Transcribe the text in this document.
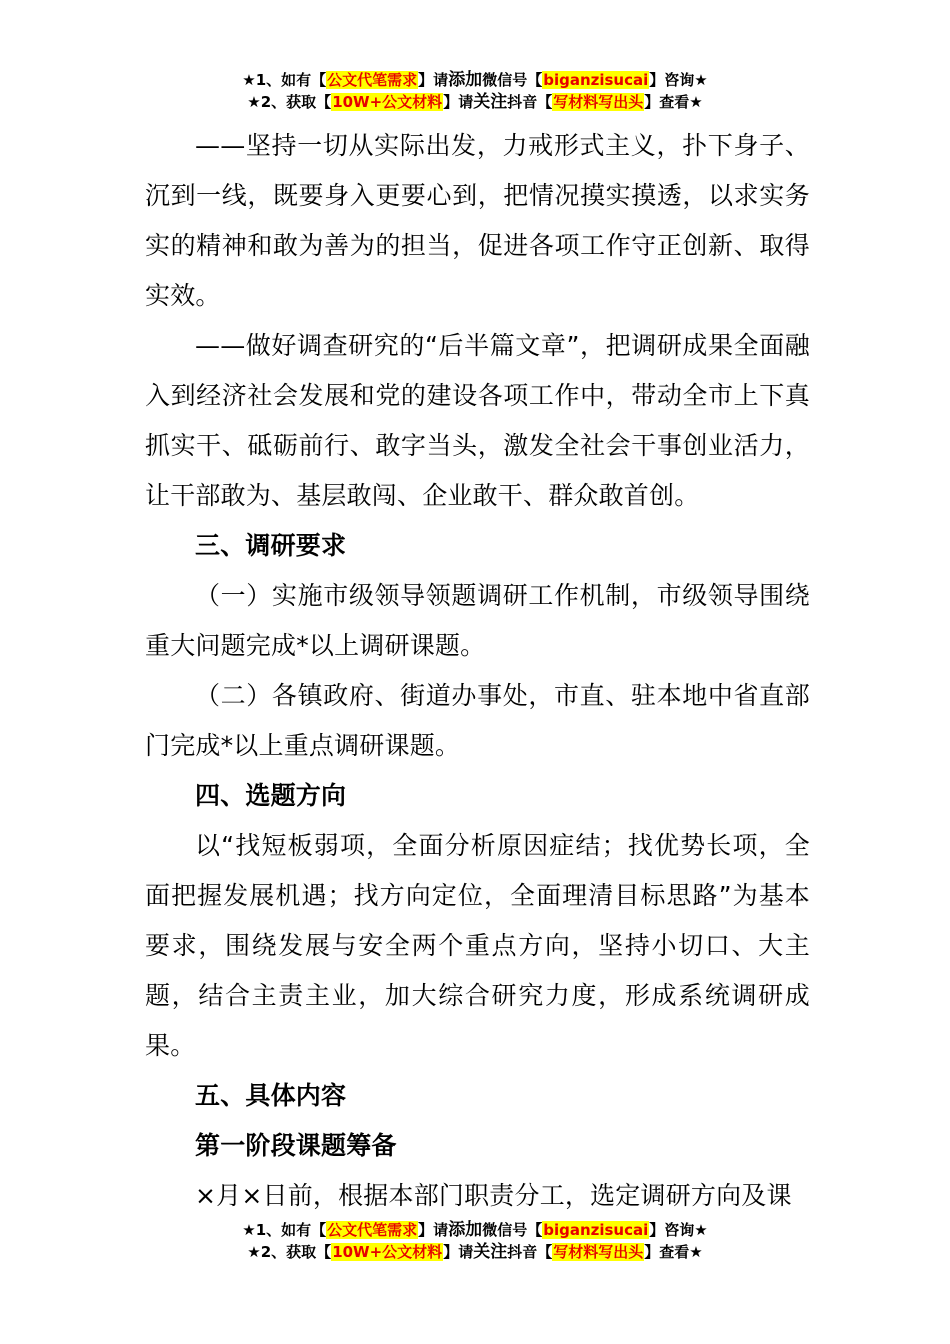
★1、如有【公文代笔需求】请添加微信号【biganzisucai】咨询★
★2、获取【10W+公文材料】请关注抖音【写材料写出头】查看★

——坚持一切从实际出发，力戒形式主义，扑下身子、沉到一线，既要身入更要心到，把情况摸实摸透，以求实务实的精神和敢为善为的担当，促进各项工作守正创新、取得实效。

——做好调查研究的“后半篇文章”，把调研成果全面融入到经济社会发展和党的建设各项工作中，带动全市上下真抓实干、砥砺前行、敢字当头，激发全社会干事创业活力，让干部敢为、基层敢闯、企业敢干、群众敢首创。

三、调研要求

（一）实施市级领导领题调研工作机制，市级领导围绕重大问题完成*以上调研课题。

（二）各镇政府、街道办事处，市直、驻本地中省直部门完成*以上重点调研课题。

四、选题方向

以“找短板弱项，全面分析原因症结；找优势长项，全面把握发展机遇；找方向定位，全面理清目标思路”为基本要求，围绕发展与安全两个重点方向，坚持小切口、大主题，结合主责主业，加大综合研究力度，形成系统调研成果。

五、具体内容

第一阶段课题筹备

×月×日前，根据本部门职责分工，选定调研方向及课

★1、如有【公文代笔需求】请添加微信号【biganzisucai】咨询★
★2、获取【10W+公文材料】请关注抖音【写材料写出头】查看★
